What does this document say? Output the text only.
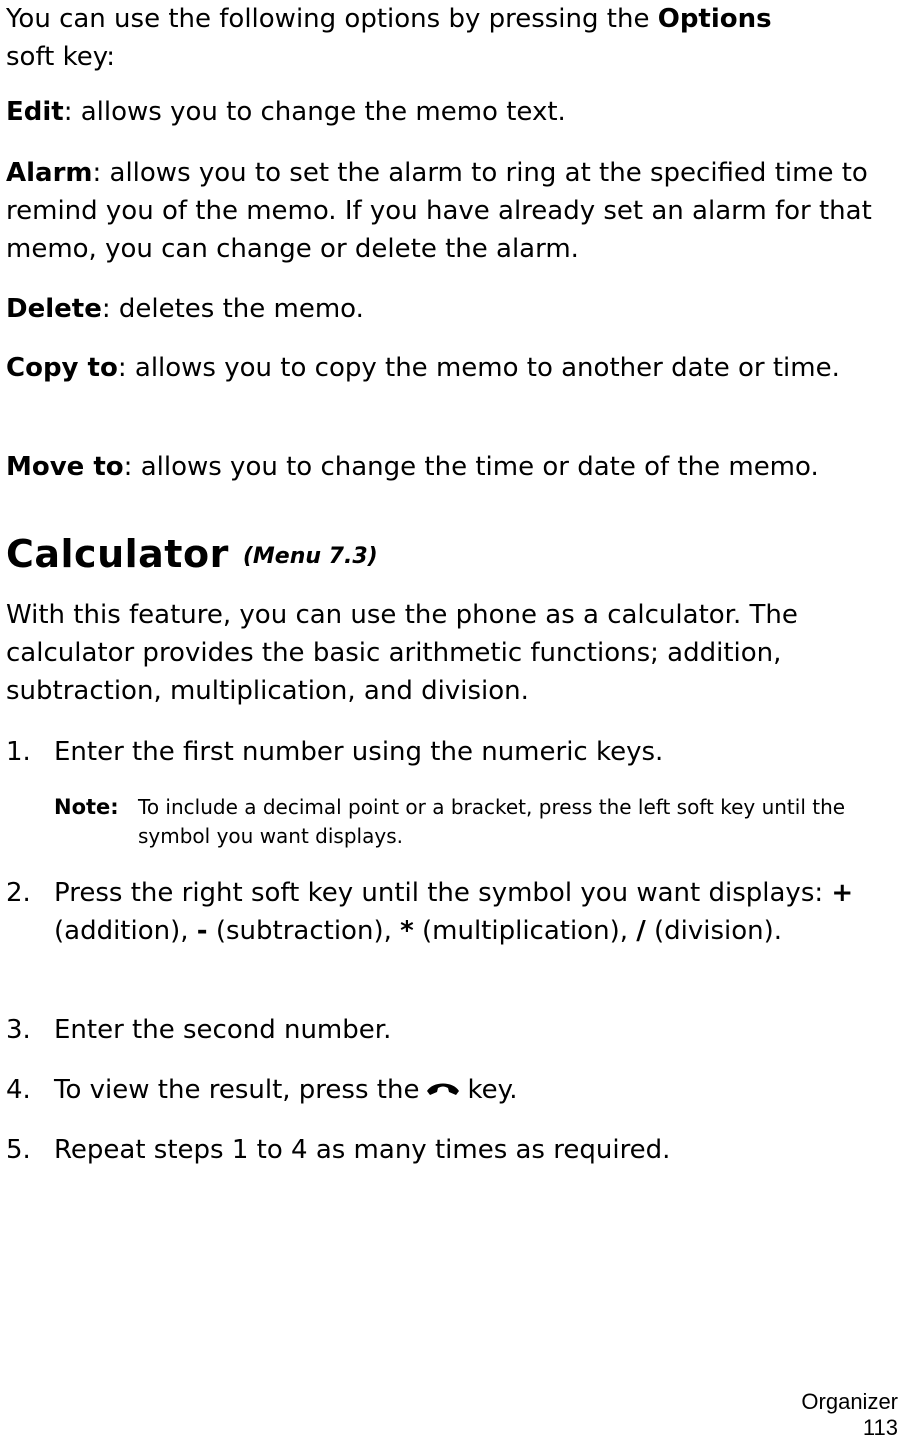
You can use the following options by pressing the Options
soft key:

Edit: allows you to change the memo text.

Alarm: allows you to set the alarm to ring at the specified time to remind you of the memo. If you have already set an alarm for that memo, you can change or delete the alarm.

Delete: deletes the memo.

Copy to: allows you to copy the memo to another date or time.

Move to: allows you to change the time or date of the memo.

Calculator (Menu 7.3)

With this feature, you can use the phone as a calculator. The calculator provides the basic arithmetic functions; addition, subtraction, multiplication, and division.

1. Enter the first number using the numeric keys.
Note: To include a decimal point or a bracket, press the left soft key until the symbol you want displays.
2. Press the right soft key until the symbol you want displays: + (addition), - (subtraction), * (multiplication), / (division).
3. Enter the second number.
4. To view the result, press the key.
5. Repeat steps 1 to 4 as many times as required.
Organizer
113
